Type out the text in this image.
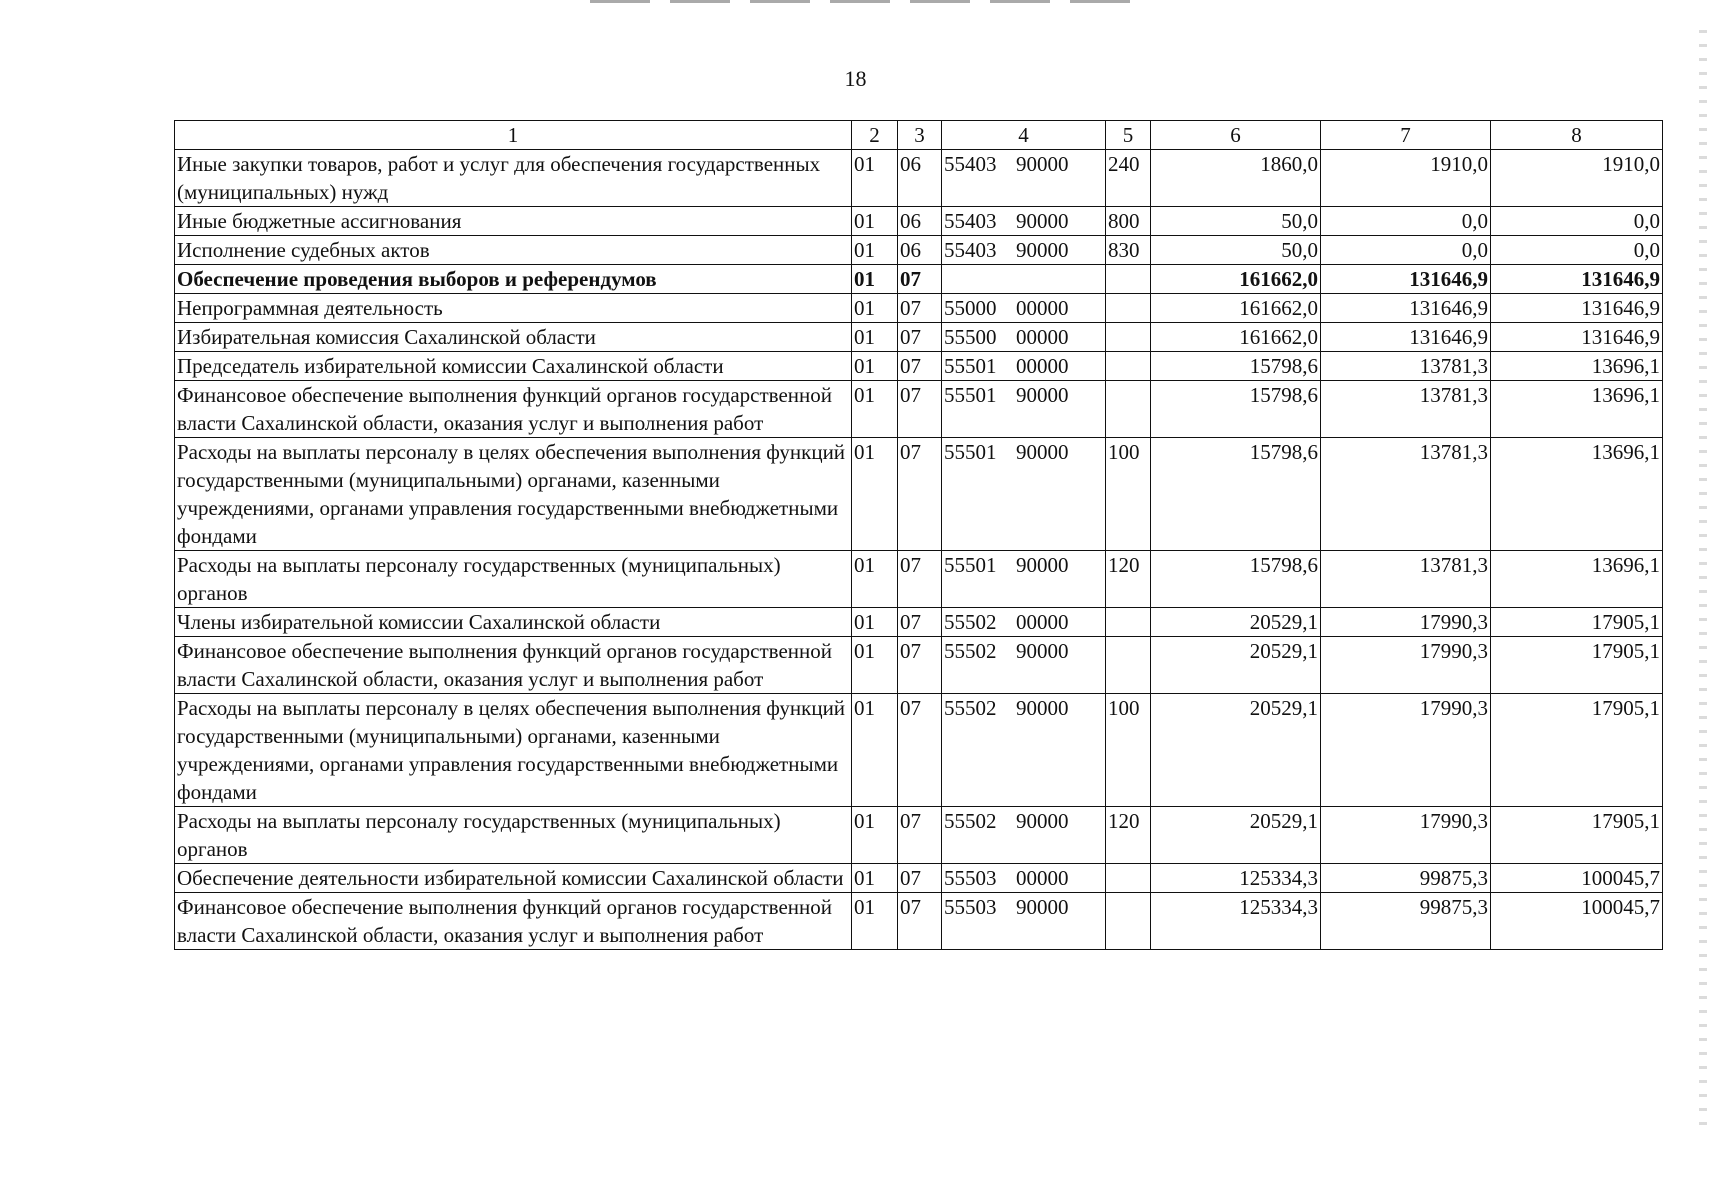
18
1	2	3	4	5	6	7	8
Иные закупки товаров, работ и услуг для обеспечения государственных (муниципальных) нужд	01	06	55403 90000	240	1860,0	1910,0	1910,0
Иные бюджетные ассигнования	01	06	55403 90000	800	50,0	0,0	0,0
Исполнение судебных актов	01	06	55403 90000	830	50,0	0,0	0,0
Обеспечение проведения выборов и референдумов	01	07			161662,0	131646,9	131646,9
Непрограммная деятельность	01	07	55000 00000		161662,0	131646,9	131646,9
Избирательная комиссия Сахалинской области	01	07	55500 00000		161662,0	131646,9	131646,9
Председатель избирательной комиссии Сахалинской области	01	07	55501 00000		15798,6	13781,3	13696,1
Финансовое обеспечение выполнения функций органов государственной власти Сахалинской области, оказания услуг и выполнения работ	01	07	55501 90000		15798,6	13781,3	13696,1
Расходы на выплаты персоналу в целях обеспечения выполнения функций государственными (муниципальными) органами, казенными учреждениями, органами управления государственными внебюджетными фондами	01	07	55501 90000	100	15798,6	13781,3	13696,1
Расходы на выплаты персоналу государственных (муниципальных) органов	01	07	55501 90000	120	15798,6	13781,3	13696,1
Члены избирательной комиссии Сахалинской области	01	07	55502 00000		20529,1	17990,3	17905,1
Финансовое обеспечение выполнения функций органов государственной власти Сахалинской области, оказания услуг и выполнения работ	01	07	55502 90000		20529,1	17990,3	17905,1
Расходы на выплаты персоналу в целях обеспечения выполнения функций государственными (муниципальными) органами, казенными учреждениями, органами управления государственными внебюджетными фондами	01	07	55502 90000	100	20529,1	17990,3	17905,1
Расходы на выплаты персоналу государственных (муниципальных) органов	01	07	55502 90000	120	20529,1	17990,3	17905,1
Обеспечение деятельности избирательной комиссии Сахалинской области	01	07	55503 00000		125334,3	99875,3	100045,7
Финансовое обеспечение выполнения функций органов государственной власти Сахалинской области, оказания услуг и выполнения работ	01	07	55503 90000		125334,3	99875,3	100045,7
